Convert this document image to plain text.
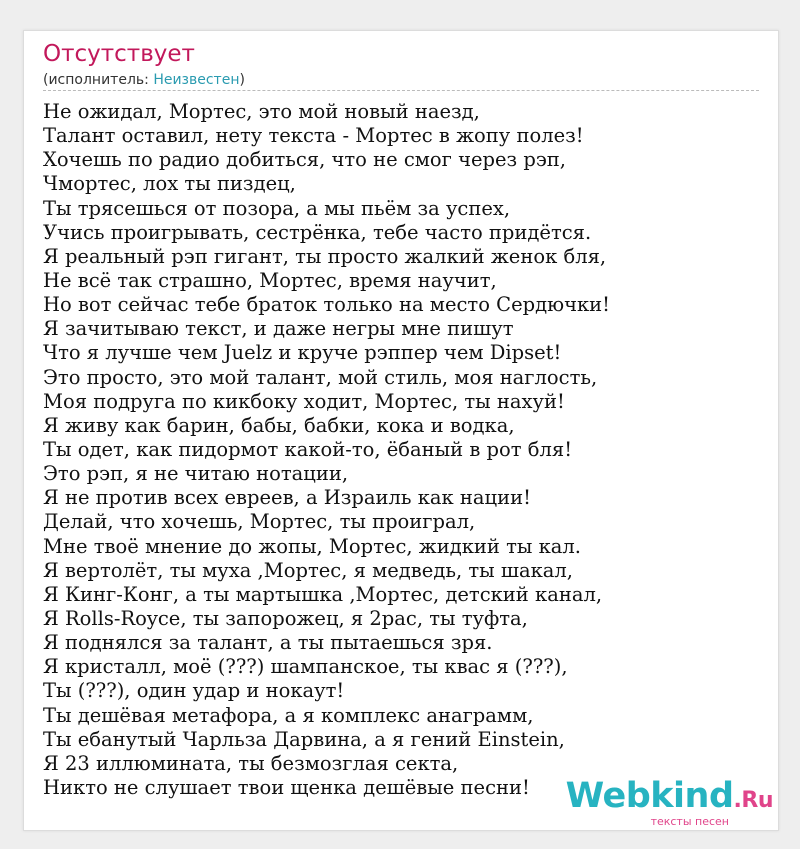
Отсутствует
(исполнитель: Неизвестен)
Не ожидал, Мортес, это мой новый наезд,
Талант оставил, нету текста - Мортес в жопу полез!
Хочешь по радио добиться, что не смог через рэп,
Чмортес, лох ты пиздец,
Ты трясешься от позора, а мы пьём за успех,
Учись проигрывать, сестрёнка, тебе часто придётся.
Я реальный рэп гигант, ты просто жалкий женок бля,
Не всё так страшно, Мортес, время научит,
Но вот сейчас тебе браток только на место Сердючки!
Я зачитываю текст, и даже негры мне пишут
Что я лучше чем Juelz и круче рэппер чем Dipset!
Это просто, это мой талант, мой стиль, моя наглость,
Моя подруга по кикбоку ходит, Мортес, ты нахуй!
Я живу как барин, бабы, бабки, кока и водка,
Ты одет, как пидормот какой-то, ёбаный в рот бля!
Это рэп, я не читаю нотации,
Я не против всех евреев, а Израиль как нации!
Делай, что хочешь, Мортес, ты проиграл,
Мне твоё мнение до жопы, Мортес, жидкий ты кал.
Я вертолёт, ты муха ,Мортес, я медведь, ты шакал,
Я Кинг-Конг, а ты мартышка ,Мортес, детский канал,
Я Rolls-Royce, ты запорожец, я 2рас, ты туфта,
Я поднялся за талант, а ты пытаешься зря.
Я кристалл, моё (???) шампанское, ты квас я (???),
Ты (???), один удар и нокаут!
Ты дешёвая метафора, а я комплекс анаграмм,
Ты ебанутый Чарльза Дарвина, а я гений Einstein,
Я 23 иллюмината, ты безмозглая секта,
Никто не слушает твои щенка дешёвые песни!	Webkind.Ru
тексты песен
